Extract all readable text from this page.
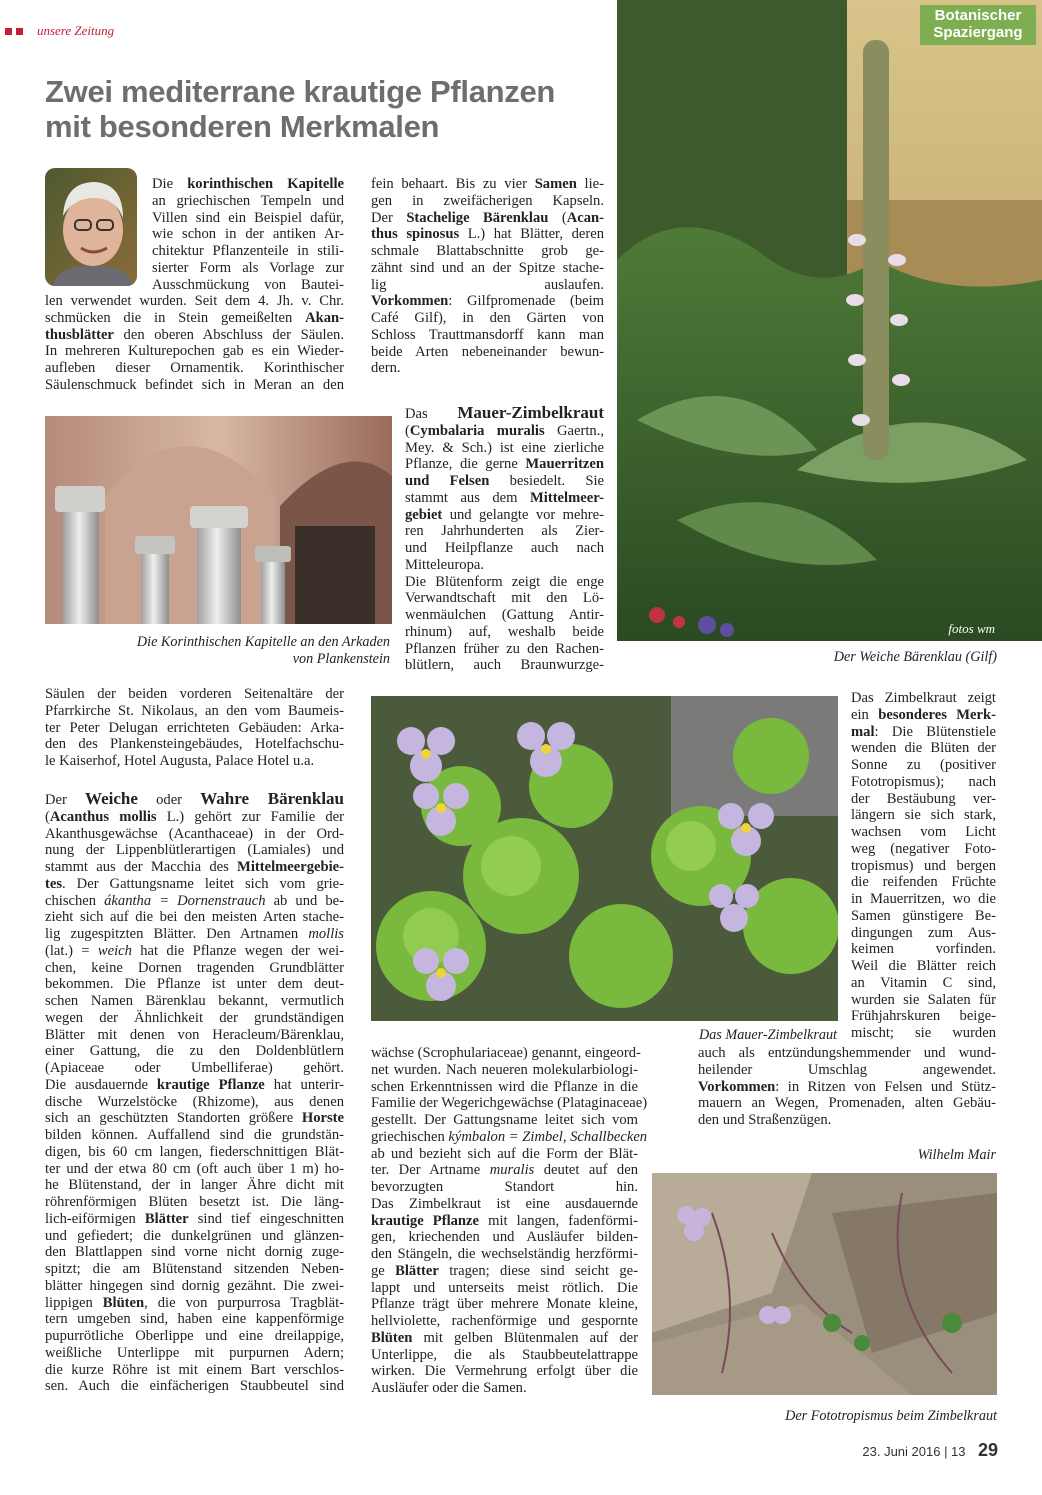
unsere Zeitung
Zwei mediterrane krautige Pflanzen
mit besonderen Merkmalen
Die korinthischen Kapitelle
an griechischen Tempeln und
Villen sind ein Beispiel dafür,
wie schon in der antiken Ar-
chitektur Pflanzenteile in stili-
sierter Form als Vorlage zur
Ausschmückung von Bautei-
len verwendet wurden. Seit dem 4. Jh. v. Chr.
schmücken die in Stein gemeißelten Akan-
thusblätter den oberen Abschluss der Säulen.
In mehreren Kulturepochen gab es ein Wieder-
aufleben dieser Ornamentik. Korinthischer
Säulenschmuck befindet sich in Meran an den
Die Korinthischen Kapitelle an den Arkaden
von Plankenstein
Säulen der beiden vorderen Seitenaltäre der
Pfarrkirche St. Nikolaus, an den vom Baumeis-
ter Peter Delugan errichteten Gebäuden: Arka-
den des Plankensteingebäudes, Hotelfachschu-
le Kaiserhof, Hotel Augusta, Palace Hotel u.a.
Der Weiche oder Wahre Bärenklau
(Acanthus mollis L.) gehört zur Familie der
Akanthusgewächse (Acanthaceae) in der Ord-
nung der Lippenblütlerartigen (Lamiales) und
stammt aus der Macchia des Mittelmeergebie-
tes. Der Gattungsname leitet sich vom grie-
chischen ákantha = Dornenstrauch ab und be-
zieht sich auf die bei den meisten Arten stache-
lig zugespitzten Blätter. Den Artnamen mollis
(lat.) = weich hat die Pflanze wegen der wei-
chen, keine Dornen tragenden Grundblätter
bekommen. Die Pflanze ist unter dem deut-
schen Namen Bärenklau bekannt, vermutlich
wegen der Ähnlichkeit der grundständigen
Blätter mit denen von Heracleum/Bärenklau,
einer Gattung, die zu den Doldenblütlern
(Apiaceae oder Umbelliferae) gehört.
Die ausdauernde krautige Pflanze hat unterir-
dische Wurzelstöcke (Rhizome), aus denen
sich an geschützten Standorten größere Horste
bilden können. Auffallend sind die grundstän-
digen, bis 60 cm langen, fiederschnittigen Blät-
ter und der etwa 80 cm (oft auch über 1 m) ho-
he Blütenstand, der in langer Ähre dicht mit
röhrenförmigen Blüten besetzt ist. Die läng-
lich-eiförmigen Blätter sind tief eingeschnitten
und gefiedert; die dunkelgrünen und glänzen-
den Blattlappen sind vorne nicht dornig zuge-
spitzt; die am Blütenstand sitzenden Neben-
blätter hingegen sind dornig gezähnt. Die zwei-
lippigen Blüten, die von purpurrosa Tragblät-
tern umgeben sind, haben eine kappenförmige
pupurrötliche Oberlippe und eine dreilappige,
weißliche Unterlippe mit purpurnen Adern;
die kurze Röhre ist mit einem Bart verschlos-
sen. Auch die einfächerigen Staubbeutel sind
fein behaart. Bis zu vier Samen lie-
gen in zweifächerigen Kapseln.
Der Stachelige Bärenklau (Acan-
thus spinosus L.) hat Blätter, deren
schmale Blattabschnitte grob ge-
zähnt sind und an der Spitze stache-
lig auslaufen.
Vorkommen: Gilfpromenade (beim
Café Gilf), in den Gärten von
Schloss Trauttmansdorff kann man
beide Arten nebeneinander bewun-
dern.
Das Mauer-Zimbelkraut
(Cymbalaria muralis Gaertn.,
Mey. & Sch.) ist eine zierliche
Pflanze, die gerne Mauerritzen
und Felsen besiedelt. Sie
stammt aus dem Mittelmeer-
gebiet und gelangte vor mehre-
ren Jahrhunderten als Zier-
und Heilpflanze auch nach
Mitteleuropa.
Die Blütenform zeigt die enge
Verwandtschaft mit den Lö-
wenmäulchen (Gattung Antir-
rhinum) auf, weshalb beide
Pflanzen früher zu den Rachen-
blütlern, auch Braunwurzge-
Botanischer
Spaziergang
fotos wm
Der Weiche Bärenklau (Gilf)
Das Mauer-Zimbelkraut
wächse (Scrophulariaceae) genannt, eingeord-
net wurden. Nach neueren molekularbiologi-
schen Erkenntnissen wird die Pflanze in die
Familie der Wegerichgewächse (Plataginaceae)
gestellt. Der Gattungsname leitet sich vom
griechischen kýmbalon = Zimbel, Schallbecken
ab und bezieht sich auf die Form der Blät-
ter. Der Artname muralis deutet auf den
bevorzugten Standort hin.
Das Zimbelkraut ist eine ausdauernde
krautige Pflanze mit langen, fadenförmi-
gen, kriechenden und Ausläufer bilden-
den Stängeln, die wechselständig herzförmi-
ge Blätter tragen; diese sind seicht ge-
lappt und unterseits meist rötlich. Die
Pflanze trägt über mehrere Monate kleine,
hellviolette, rachenförmige und gespornte
Blüten mit gelben Blütenmalen auf der
Unterlippe, die als Staubbeutelattrappe
wirken. Die Vermehrung erfolgt über die
Ausläufer oder die Samen.
Das Zimbelkraut zeigt
ein besonderes Merk-
mal: Die Blütenstiele
wenden die Blüten der
Sonne zu (positiver
Fototropismus); nach
der Bestäubung ver-
längern sie sich stark,
wachsen vom Licht
weg (negativer Foto-
tropismus) und bergen
die reifenden Früchte
in Mauerritzen, wo die
Samen günstigere Be-
dingungen zum Aus-
keimen vorfinden.
Weil die Blätter reich
an Vitamin C sind,
wurden sie Salaten für
Frühjahrskuren beige-
mischt; sie wurden
auch als entzündungshemmender und wund-
heilender Umschlag angewendet.
Vorkommen: in Ritzen von Felsen und Stütz-
mauern an Wegen, Promenaden, alten Gebäu-
den und Straßenzügen.
Wilhelm Mair
Der Fototropismus beim Zimbelkraut
23. Juni 2016 | 13 29
